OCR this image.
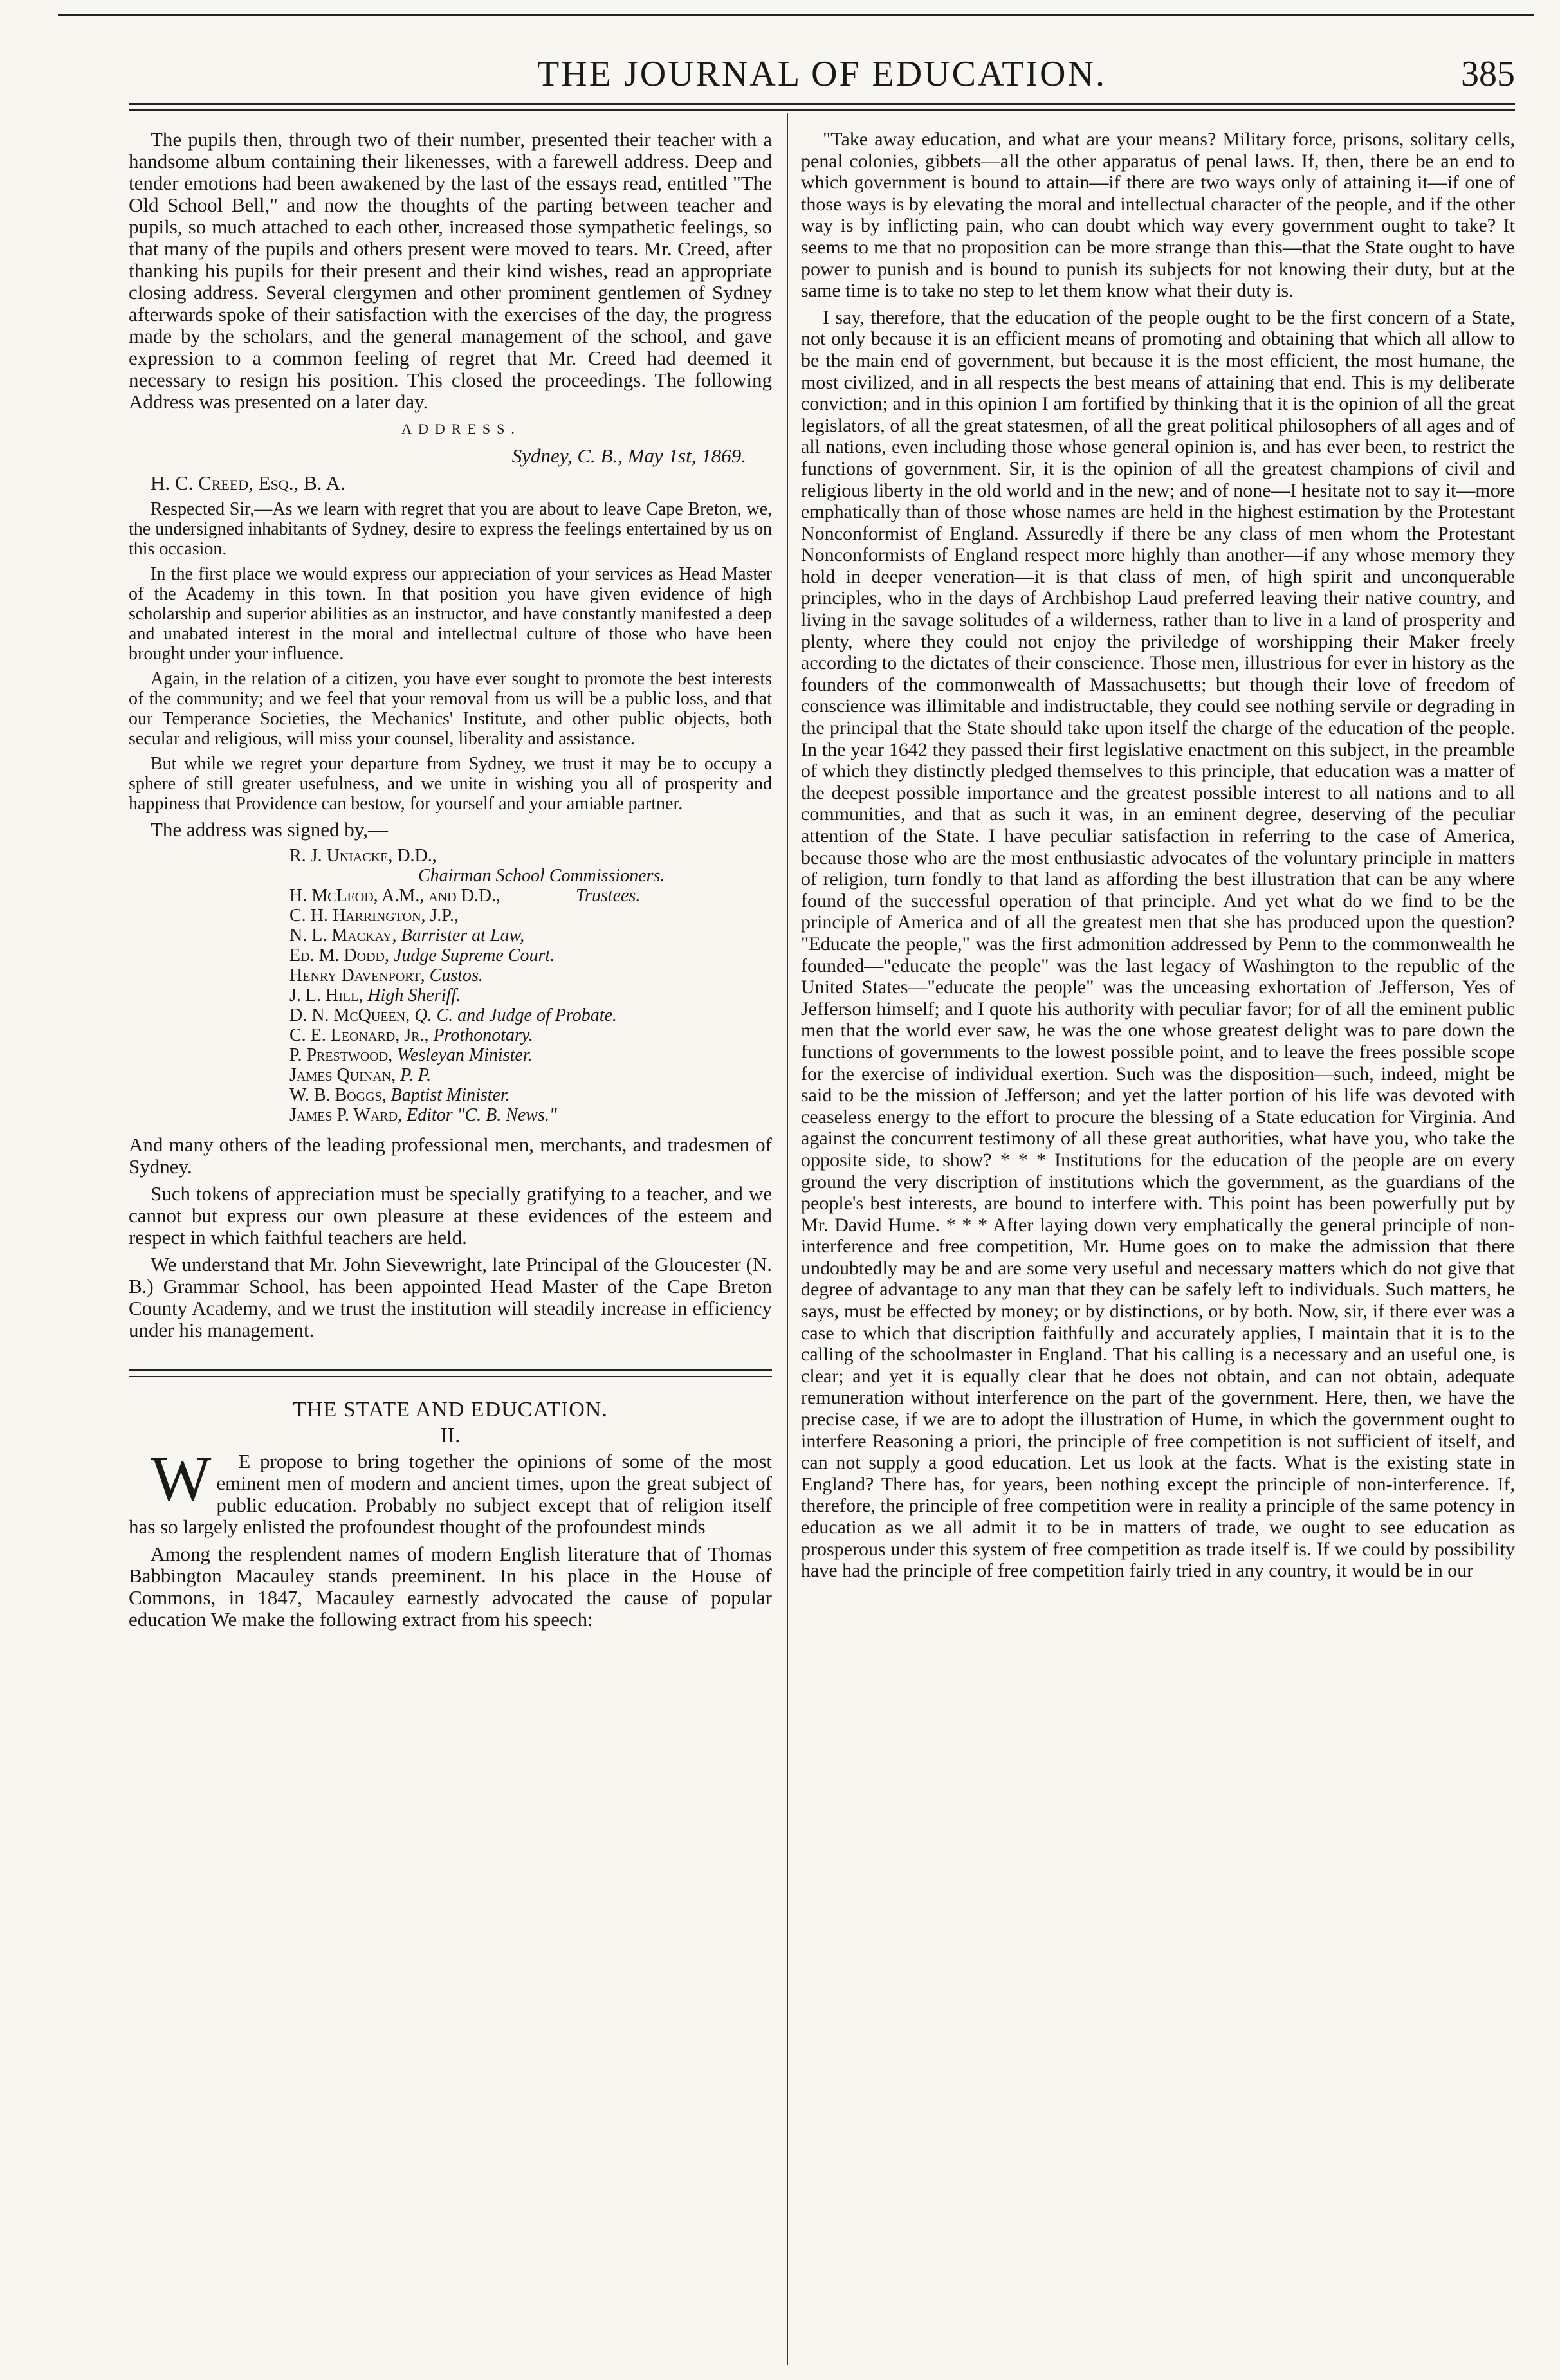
THE JOURNAL OF EDUCATION.	385

The pupils then, through two of their number, presented their teacher with a handsome album containing their likenesses, with a farewell address. Deep and tender emotions had been awakened by the last of the essays read, entitled "The Old School Bell," and now the thoughts of the parting between teacher and pupils, so much attached to each other, increased those sympathetic feelings, so that many of the pupils and others present were moved to tears. Mr. Creed, after thanking his pupils for their present and their kind wishes, read an appropriate closing address. Several clergymen and other prominent gentlemen of Sydney afterwards spoke of their satisfaction with the exercises of the day, the progress made by the scholars, and the general management of the school, and gave expression to a common feeling of regret that Mr. Creed had deemed it necessary to resign his position. This closed the proceedings. The following Address was presented on a later day.

ADDRESS.

Sydney, C. B., May 1st, 1869.

H. C. Creed, Esq., B. A.

Respected Sir,—As we learn with regret that you are about to leave Cape Breton, we, the undersigned inhabitants of Sydney, desire to express the feelings entertained by us on this occasion.

In the first place we would express our appreciation of your services as Head Master of the Academy in this town. In that position you have given evidence of high scholarship and superior abilities as an instructor, and have constantly manifested a deep and unabated interest in the moral and intellectual culture of those who have been brought under your influence.

Again, in the relation of a citizen, you have ever sought to promote the best interests of the community; and we feel that your removal from us will be a public loss, and that our Temperance Societies, the Mechanics' Institute, and other public objects, both secular and religious, will miss your counsel, liberality and assistance.

But while we regret your departure from Sydney, we trust it may be to occupy a sphere of still greater usefulness, and we unite in wishing you all of prosperity and happiness that Providence can bestow, for yourself and your amiable partner.

The address was signed by,—

R. J. Uniacke, D.D.,
Chairman School Commissioners.
H. McLeod, A.M., and D.D.,	Trustees.
C. H. Harrington, J.P.,
N. L. Mackay, Barrister at Law,
Ed. M. Dodd, Judge Supreme Court.
Henry Davenport, Custos.
J. L. Hill, High Sheriff.
D. N. McQueen, Q. C. and Judge of Probate.
C. E. Leonard, Jr., Prothonotary.
P. Prestwood, Wesleyan Minister.
James Quinan, P. P.
W. B. Boggs, Baptist Minister.
James P. Ward, Editor "C. B. News."

And many others of the leading professional men, merchants, and tradesmen of Sydney.

Such tokens of appreciation must be specially gratifying to a teacher, and we cannot but express our own pleasure at these evidences of the esteem and respect in which faithful teachers are held.

We understand that Mr. John Sievewright, late Principal of the Gloucester (N. B.) Grammar School, has been appointed Head Master of the Cape Breton County Academy, and we trust the institution will steadily increase in efficiency under his management.

THE STATE AND EDUCATION.
II.

W E propose to bring together the opinions of some of the most eminent men of modern and ancient times, upon the great subject of public education. Probably no subject except that of religion itself has so largely enlisted the profoundest thought of the profoundest minds

Among the resplendent names of modern English literature that of Thomas Babbington Macauley stands preeminent. In his place in the House of Commons, in 1847, Macauley earnestly advocated the cause of popular education We make the following extract from his speech:

"Take away education, and what are your means? Military force, prisons, solitary cells, penal colonies, gibbets—all the other apparatus of penal laws. If, then, there be an end to which government is bound to attain—if there are two ways only of attaining it—if one of those ways is by elevating the moral and intellectual character of the people, and if the other way is by inflicting pain, who can doubt which way every government ought to take? It seems to me that no proposition can be more strange than this—that the State ought to have power to punish and is bound to punish its subjects for not knowing their duty, but at the same time is to take no step to let them know what their duty is.

I say, therefore, that the education of the people ought to be the first concern of a State, not only because it is an efficient means of promoting and obtaining that which all allow to be the main end of government, but because it is the most efficient, the most humane, the most civilized, and in all respects the best means of attaining that end. This is my deliberate conviction; and in this opinion I am fortified by thinking that it is the opinion of all the great legislators, of all the great statesmen, of all the great political philosophers of all ages and of all nations, even including those whose general opinion is, and has ever been, to restrict the functions of government. Sir, it is the opinion of all the greatest champions of civil and religious liberty in the old world and in the new; and of none—I hesitate not to say it—more emphatically than of those whose names are held in the highest estimation by the Protestant Nonconformist of England. Assuredly if there be any class of men whom the Protestant Nonconformists of England respect more highly than another—if any whose memory they hold in deeper veneration—it is that class of men, of high spirit and unconquerable principles, who in the days of Archbishop Laud preferred leaving their native country, and living in the savage solitudes of a wilderness, rather than to live in a land of prosperity and plenty, where they could not enjoy the priviledge of worshipping their Maker freely according to the dictates of their conscience. Those men, illustrious for ever in history as the founders of the commonwealth of Massachusetts; but though their love of freedom of conscience was illimitable and indistructable, they could see nothing servile or degrading in the principal that the State should take upon itself the charge of the education of the people. In the year 1642 they passed their first legislative enactment on this subject, in the preamble of which they distinctly pledged themselves to this principle, that education was a matter of the deepest possible importance and the greatest possible interest to all nations and to all communities, and that as such it was, in an eminent degree, deserving of the peculiar attention of the State. I have peculiar satisfaction in referring to the case of America, because those who are the most enthusiastic advocates of the voluntary principle in matters of religion, turn fondly to that land as affording the best illustration that can be any where found of the successful operation of that principle. And yet what do we find to be the principle of America and of all the greatest men that she has produced upon the question? "Educate the people," was the first admonition addressed by Penn to the commonwealth he founded—"educate the people" was the last legacy of Washington to the republic of the United States—"educate the people" was the unceasing exhortation of Jefferson, Yes of Jefferson himself; and I quote his authority with peculiar favor; for of all the eminent public men that the world ever saw, he was the one whose greatest delight was to pare down the functions of governments to the lowest possible point, and to leave the frees possible scope for the exercise of individual exertion. Such was the disposition—such, indeed, might be said to be the mission of Jefferson; and yet the latter portion of his life was devoted with ceaseless energy to the effort to procure the blessing of a State education for Virginia. And against the concurrent testimony of all these great authorities, what have you, who take the opposite side, to show? * * * Institutions for the education of the people are on every ground the very discription of institutions which the government, as the guardians of the people's best interests, are bound to interfere with. This point has been powerfully put by Mr. David Hume. * * * After laying down very emphatically the general principle of non-interference and free competition, Mr. Hume goes on to make the admission that there undoubtedly may be and are some very useful and necessary matters which do not give that degree of advantage to any man that they can be safely left to individuals. Such matters, he says, must be effected by money; or by distinctions, or by both. Now, sir, if there ever was a case to which that discription faithfully and accurately applies, I maintain that it is to the calling of the schoolmaster in England. That his calling is a necessary and an useful one, is clear; and yet it is equally clear that he does not obtain, and can not obtain, adequate remuneration without interference on the part of the government. Here, then, we have the precise case, if we are to adopt the illustration of Hume, in which the government ought to interfere Reasoning a priori, the principle of free competition is not sufficient of itself, and can not supply a good education. Let us look at the facts. What is the existing state in England? There has, for years, been nothing except the principle of non-interference. If, therefore, the principle of free competition were in reality a principle of the same potency in education as we all admit it to be in matters of trade, we ought to see education as prosperous under this system of free competition as trade itself is. If we could by possibility have had the principle of free competition fairly tried in any country, it would be in our
